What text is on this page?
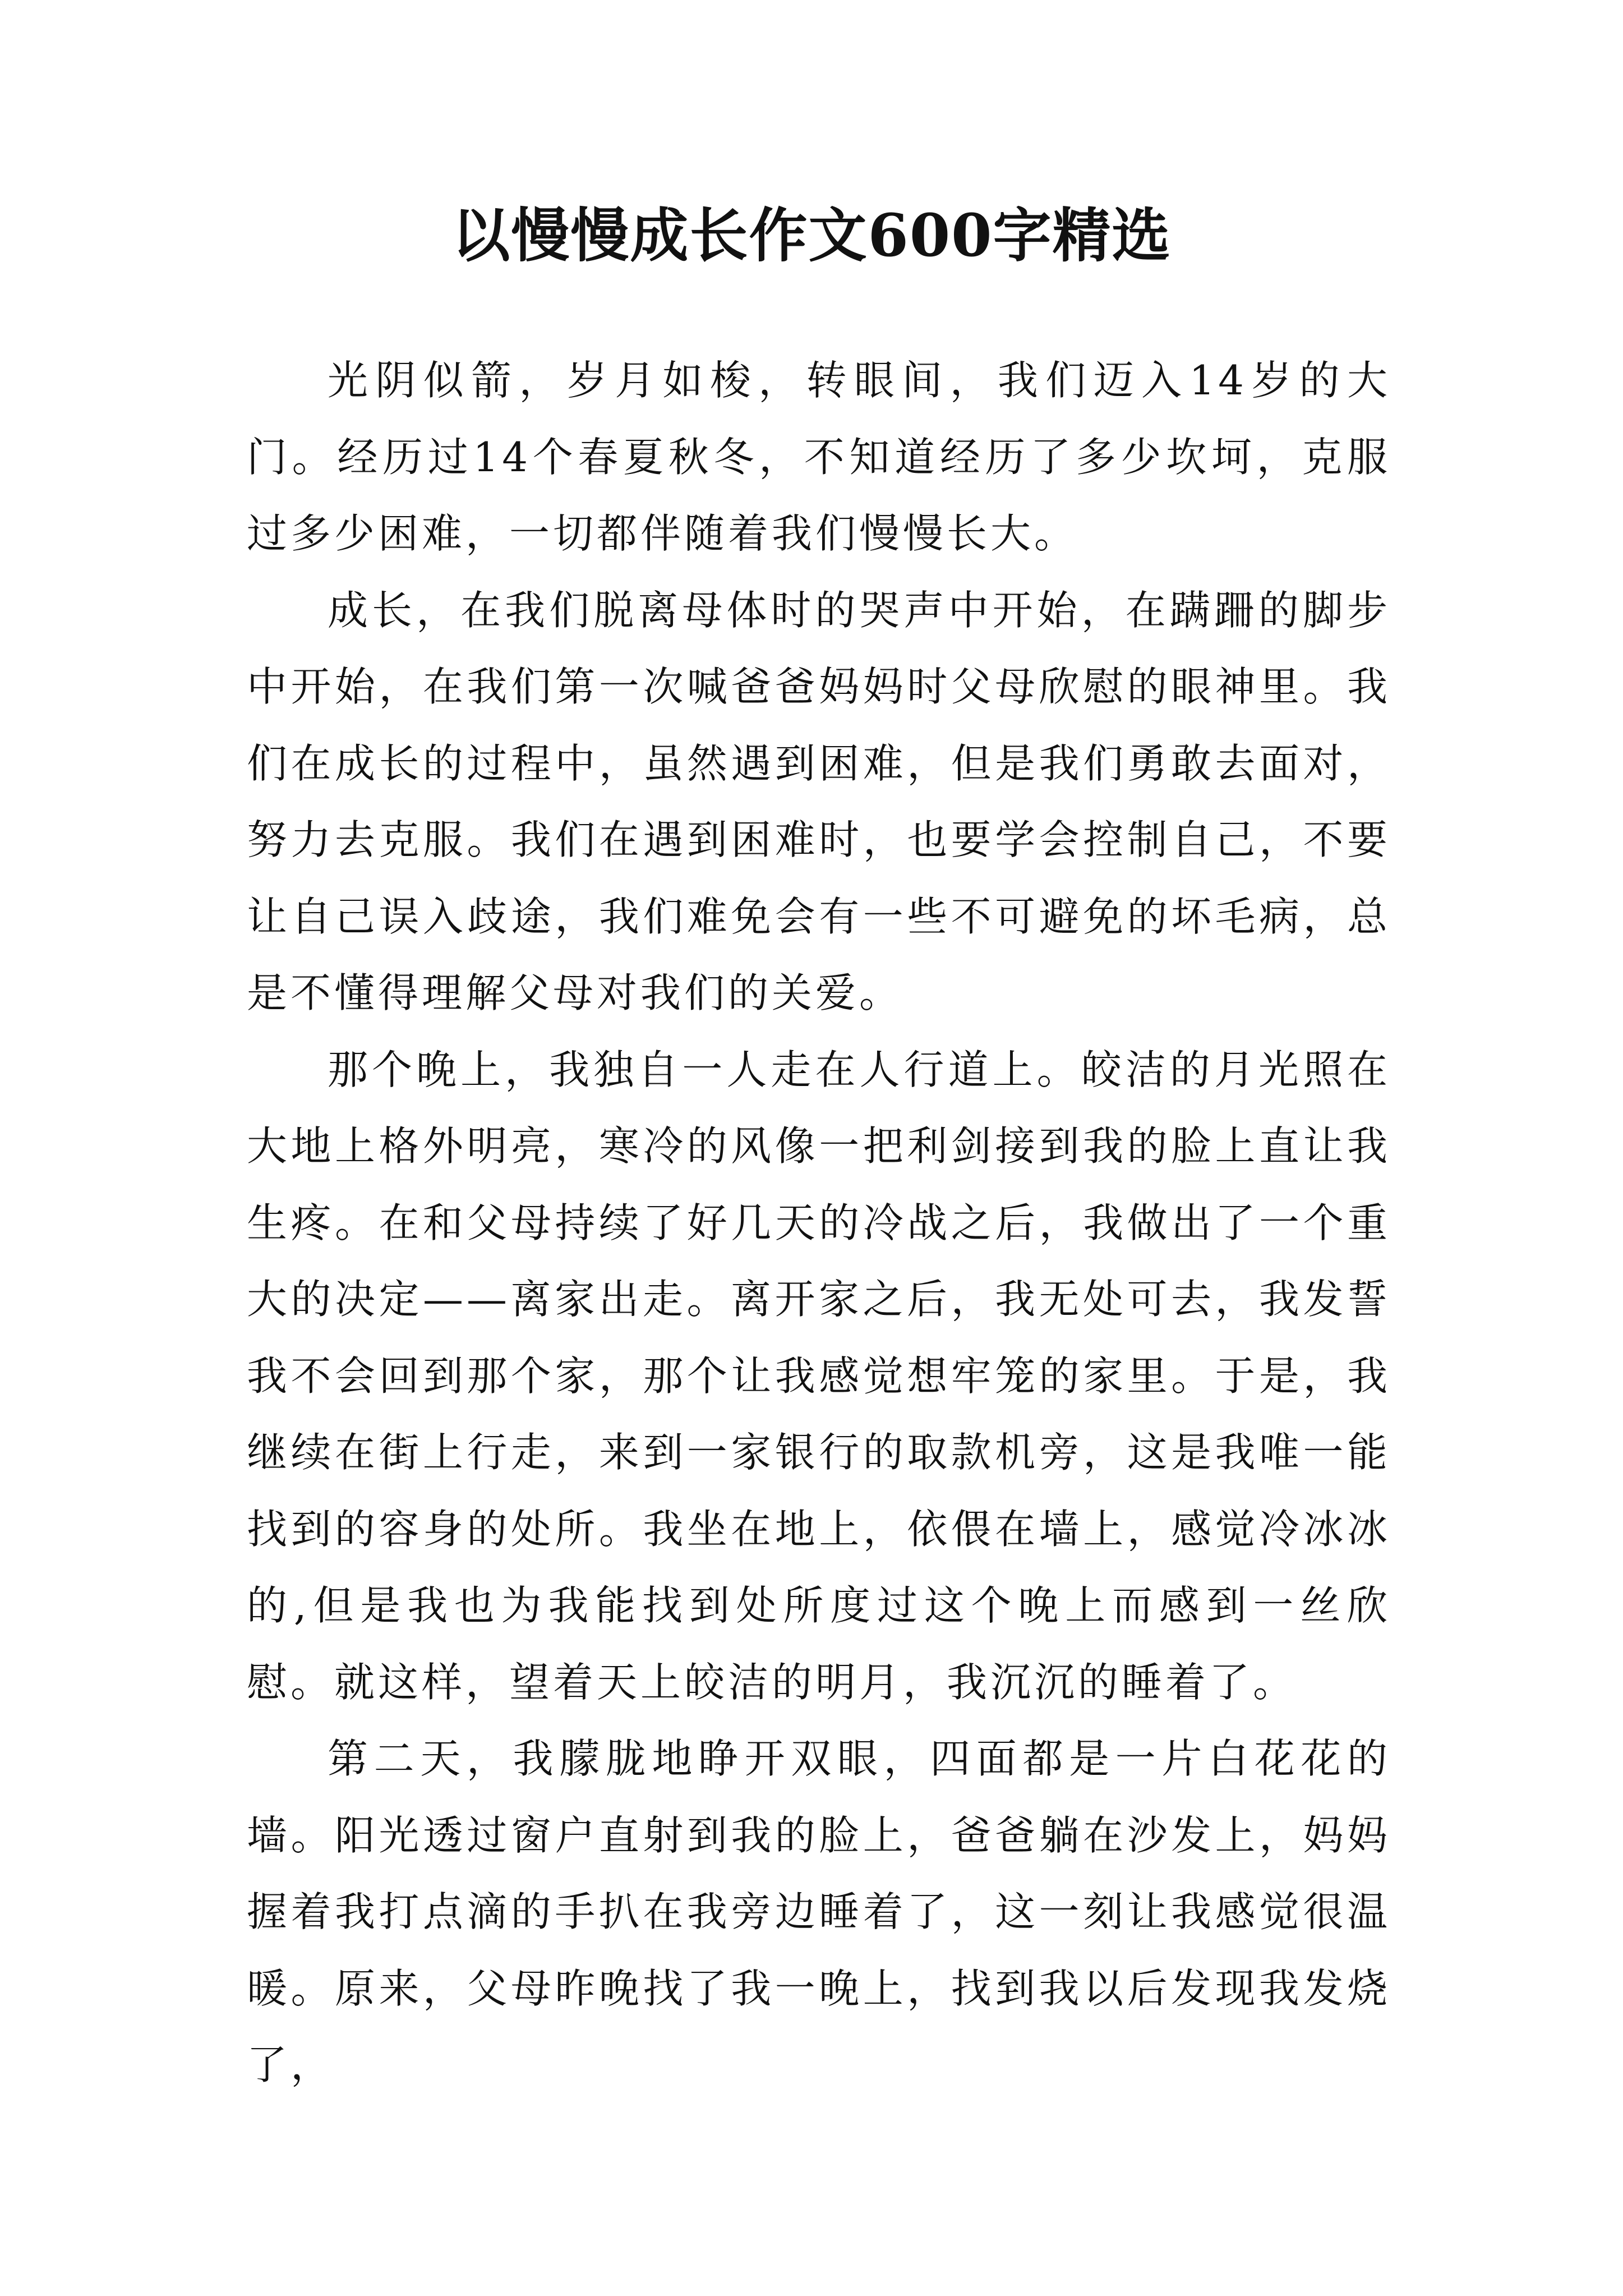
以慢慢成长作文600字精选

光阴似箭，岁月如梭，转眼间，我们迈入14岁的大门。经历过14个春夏秋冬，不知道经历了多少坎坷，克服过多少困难，一切都伴随着我们慢慢长大。

成长，在我们脱离母体时的哭声中开始，在蹒跚的脚步中开始，在我们第一次喊爸爸妈妈时父母欣慰的眼神里。我们在成长的过程中，虽然遇到困难，但是我们勇敢去面对，努力去克服。我们在遇到困难时，也要学会控制自己，不要让自己误入歧途，我们难免会有一些不可避免的坏毛病，总是不懂得理解父母对我们的关爱。

那个晚上，我独自一人走在人行道上。皎洁的月光照在大地上格外明亮，寒冷的风像一把利剑接到我的脸上直让我生疼。在和父母持续了好几天的冷战之后，我做出了一个重大的决定——离家出走。离开家之后，我无处可去，我发誓我不会回到那个家，那个让我感觉想牢笼的家里。于是，我继续在街上行走，来到一家银行的取款机旁，这是我唯一能找到的容身的处所。我坐在地上，依偎在墙上，感觉冷冰冰的,但是我也为我能找到处所度过这个晚上而感到一丝欣慰。就这样，望着天上皎洁的明月，我沉沉的睡着了。

第二天，我朦胧地睁开双眼，四面都是一片白花花的墙。阳光透过窗户直射到我的脸上，爸爸躺在沙发上，妈妈握着我打点滴的手扒在我旁边睡着了，这一刻让我感觉很温暖。原来，父母昨晚找了我一晚上，找到我以后发现我发烧了，
